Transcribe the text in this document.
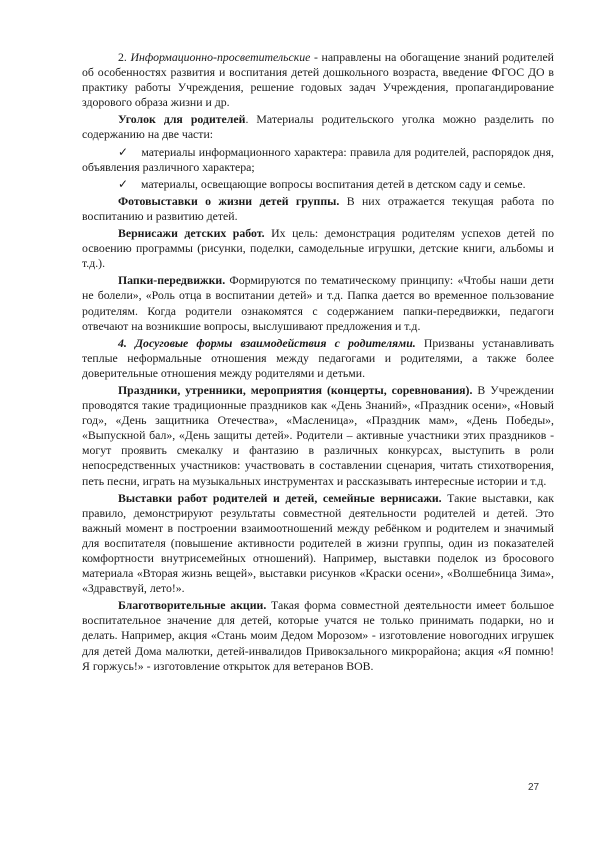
2. Информационно-просветительские - направлены на обогащение знаний родителей об особенностях развития и воспитания детей дошкольного возраста, введение ФГОС ДО в практику работы Учреждения, решение годовых задач Учреждения, пропагандирование здорового образа жизни и др.

Уголок для родителей. Материалы родительского уголка можно разделить по содержанию на две части:

✓ материалы информационного характера: правила для родителей, распорядок дня, объявления различного характера;

✓ материалы, освещающие вопросы воспитания детей в детском саду и семье.

Фотовыставки о жизни детей группы. В них отражается текущая работа по воспитанию и развитию детей.

Вернисажи детских работ. Их цель: демонстрация родителям успехов детей по освоению программы (рисунки, поделки, самодельные игрушки, детские книги, альбомы и т.д.).

Папки-передвижки. Формируются по тематическому принципу: «Чтобы наши дети не болели», «Роль отца в воспитании детей» и т.д. Папка дается во временное пользование родителям. Когда родители ознакомятся с содержанием папки-передвижки, педагоги отвечают на возникшие вопросы, выслушивают предложения и т.д.

4. Досуговые формы взаимодействия с родителями. Призваны устанавливать теплые неформальные отношения между педагогами и родителями, а также более доверительные отношения между родителями и детьми.

Праздники, утренники, мероприятия (концерты, соревнования). В Учреждении проводятся такие традиционные праздников как «День Знаний», «Праздник осени», «Новый год», «День защитника Отечества», «Масленица», «Праздник мам», «День Победы», «Выпускной бал», «День защиты детей». Родители – активные участники этих праздников - могут проявить смекалку и фантазию в различных конкурсах, выступить в роли непосредственных участников: участвовать в составлении сценария, читать стихотворения, петь песни, играть на музыкальных инструментах и рассказывать интересные истории и т.д.

Выставки работ родителей и детей, семейные вернисажи. Такие выставки, как правило, демонстрируют результаты совместной деятельности родителей и детей. Это важный момент в построении взаимоотношений между ребёнком и родителем и значимый для воспитателя (повышение активности родителей в жизни группы, один из показателей комфортности внутрисемейных отношений). Например, выставки поделок из бросового материала «Вторая жизнь вещей», выставки рисунков «Краски осени», «Волшебница Зима», «Здравствуй, лето!».

Благотворительные акции. Такая форма совместной деятельности имеет большое воспитательное значение для детей, которые учатся не только принимать подарки, но и делать. Например, акция «Стань моим Дедом Морозом» - изготовление новогодних игрушек для детей Дома малютки, детей-инвалидов Привокзального микрорайона; акция «Я помню! Я горжусь!» - изготовление открыток для ветеранов ВОВ.

27
